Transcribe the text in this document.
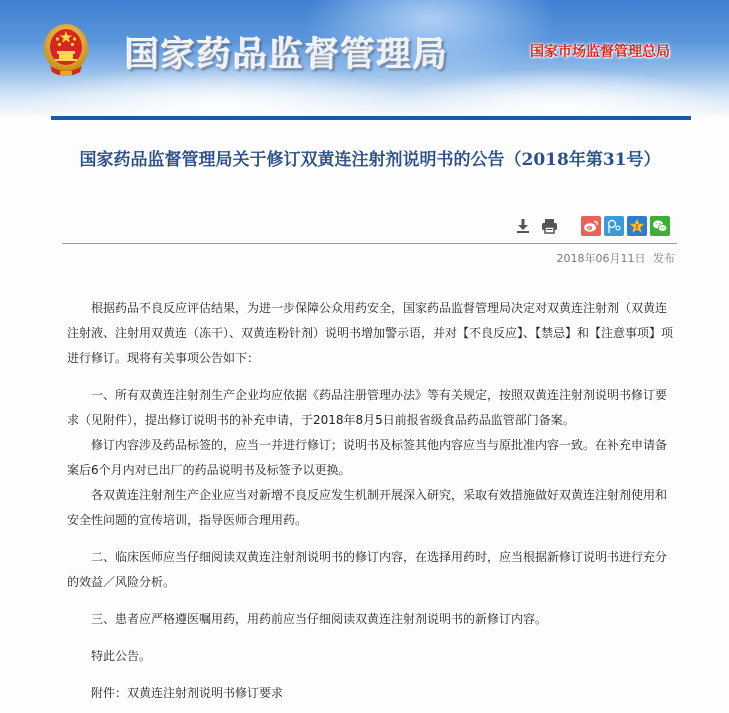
国家药品监督管理局	国家市场监督管理总局
国家药品监督管理局关于修订双黄连注射剂说明书的公告（2018年第31号）
Z
2018年06月11日 发布

根据药品不良反应评估结果，为进一步保障公众用药安全，国家药品监督管理局决定对双黄连注射剂（双黄连注射液、注射用双黄连（冻干）、双黄连粉针剂）说明书增加警示语，并对【不良反应】、【禁忌】和【注意事项】项进行修订。现将有关事项公告如下：

一、所有双黄连注射剂生产企业均应依据《药品注册管理办法》等有关规定，按照双黄连注射剂说明书修订要求（见附件），提出修订说明书的补充申请，于2018年8月5日前报省级食品药品监管部门备案。

修订内容涉及药品标签的，应当一并进行修订；说明书及标签其他内容应当与原批准内容一致。在补充申请备案后6个月内对已出厂的药品说明书及标签予以更换。

各双黄连注射剂生产企业应当对新增不良反应发生机制开展深入研究，采取有效措施做好双黄连注射剂使用和安全性问题的宣传培训，指导医师合理用药。

二、临床医师应当仔细阅读双黄连注射剂说明书的修订内容，在选择用药时，应当根据新修订说明书进行充分的效益／风险分析。

三、患者应严格遵医嘱用药，用药前应当仔细阅读双黄连注射剂说明书的新修订内容。

特此公告。

附件：双黄连注射剂说明书修订要求
